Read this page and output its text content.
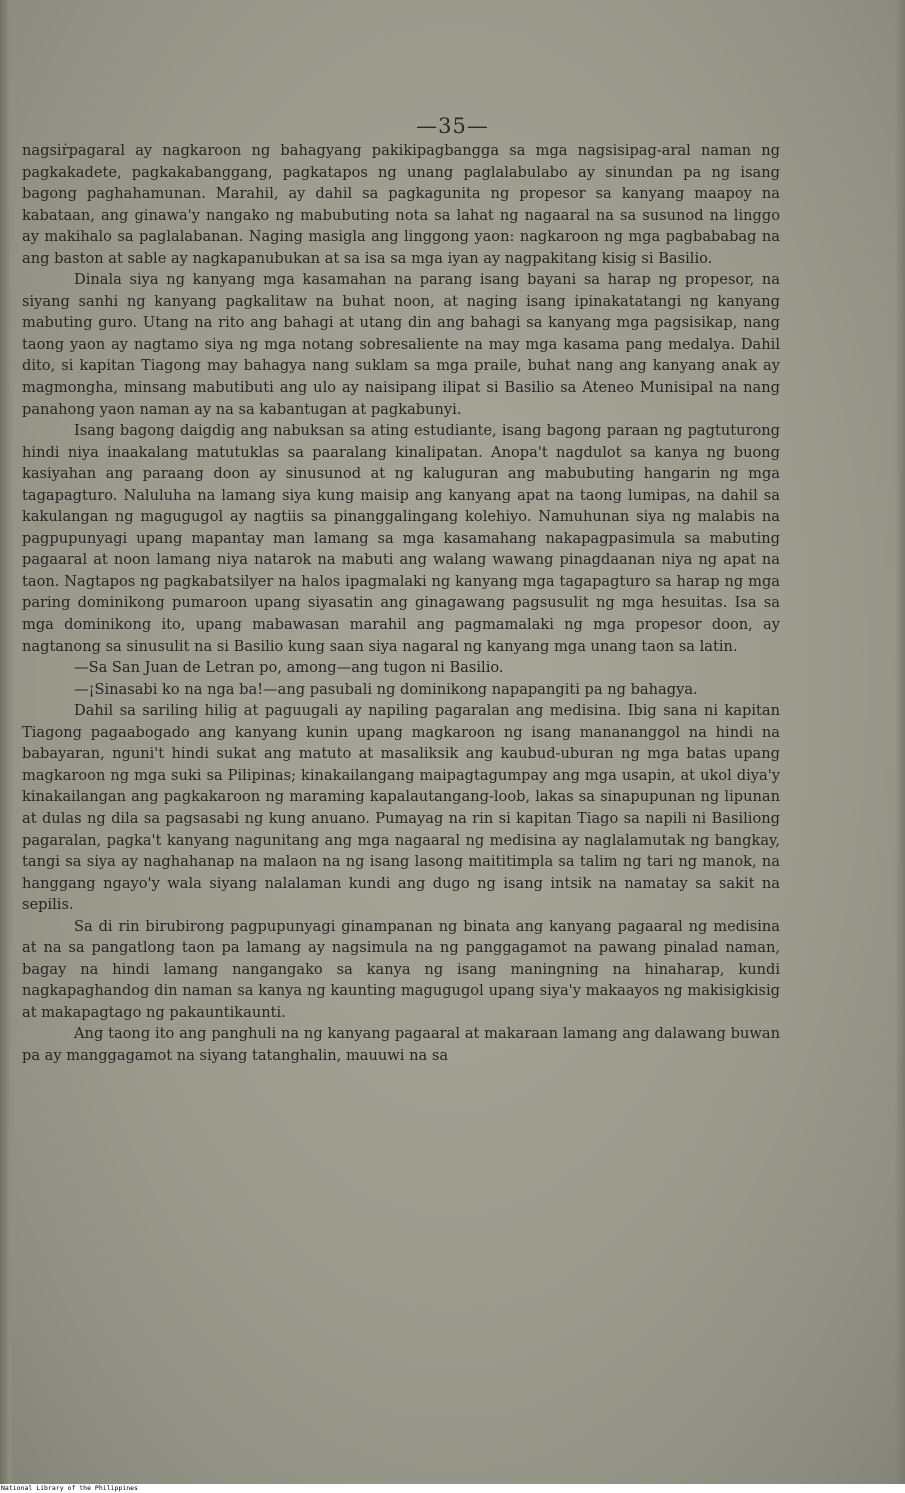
—35—

nagsiṙpagaral ay nagkaroon ng bahagyang pakikipagbangga sa mga nagsisipag-aral naman ng pagkakadete, pagkakabanggang, pagkatapos ng unang paglalabulabo ay sinundan pa ng isang bagong paghahamunan. Marahil, ay dahil sa pagkagunita ng propesor sa kanyang maapoy na kabataan, ang ginawa'y nangako ng mabubuting nota sa lahat ng nagaaral na sa susunod na linggo ay makihalo sa paglalabanan. Naging masigla ang linggong yaon: nagkaroon ng mga pagbababag na ang baston at sable ay nagkapanubukan at sa isa sa mga iyan ay nagpakitang kisig si Basilio.

Dinala siya ng kanyang mga kasamahan na parang isang bayani sa harap ng propesor, na siyang sanhi ng kanyang pagkalitaw na buhat noon, at naging isang ipinakatatangi ng kanyang mabuting guro. Utang na rito ang bahagi at utang din ang bahagi sa kanyang mga pagsisikap, nang taong yaon ay nagtamo siya ng mga notang sobresaliente na may mga kasama pang medalya. Dahil dito, si kapitan Tiagong may bahagya nang suklam sa mga praile, buhat nang ang kanyang anak ay magmongha, minsang mabutibuti ang ulo ay naisipang ilipat si Basilio sa Ateneo Munisipal na nang panahong yaon naman ay na sa kabantugan at pagkabunyi.

Isang bagong daigdig ang nabuksan sa ating estudiante, isang bagong paraan ng pagtuturong hindi niya inaakalang matutuklas sa paaralang kinalipatan. Anopa't nagdulot sa kanya ng buong kasiyahan ang paraang doon ay sinusunod at ng kaluguran ang mabubuting hangarin ng mga tagapagturo. Naluluha na lamang siya kung maisip ang kanyang apat na taong lumipas, na dahil sa kakulangan ng magugugol ay nagtiis sa pinanggalingang kolehiyo. Namuhunan siya ng malabis na pagpupunyagi upang mapantay man lamang sa mga kasamahang nakapagpasimula sa mabuting pagaaral at noon lamang niya natarok na mabuti ang walang wawang pinagdaanan niya ng apat na taon. Nagtapos ng pagkabatsilyer na halos ipagmalaki ng kanyang mga tagapagturo sa harap ng mga paring dominikong pumaroon upang siyasatin ang ginagawang pagsusulit ng mga hesuitas. Isa sa mga dominikong ito, upang mabawasan marahil ang pagmamalaki ng mga propesor doon, ay nagtanong sa sinusulit na si Basilio kung saan siya nagaral ng kanyang mga unang taon sa latin.

—Sa San Juan de Letran po, among—ang tugon ni Basilio.

—¡Sinasabi ko na nga ba!—ang pasubali ng dominikong napapangiti pa ng bahagya.

Dahil sa sariling hilig at paguugali ay napiling pagaralan ang medisina. Ibig sana ni kapitan Tiagong pagaabogado ang kanyang kunin upang magkaroon ng isang manananggol na hindi na babayaran, nguni't hindi sukat ang matuto at masaliksik ang kaubud-uburan ng mga batas upang magkaroon ng mga suki sa Pilipinas; kinakailangang maipagtagumpay ang mga usapin, at ukol diya'y kinakailangan ang pagkakaroon ng maraming kapalautangang-loob, lakas sa sinapupunan ng lipunan at dulas ng dila sa pagsasabi ng kung anuano. Pumayag na rin si kapitan Tiago sa napili ni Basiliong pagaralan, pagka't kanyang nagunitang ang mga nagaaral ng medisina ay naglalamutak ng bangkay, tangi sa siya ay naghahanap na malaon na ng isang lasong maititimpla sa talim ng tari ng manok, na hanggang ngayo'y wala siyang nalalaman kundi ang dugo ng isang intsik na namatay sa sakit na sepilis.

Sa di rin birubirong pagpupunyagi ginampanan ng binata ang kanyang pagaaral ng medisina at na sa pangatlong taon pa lamang ay nagsimula na ng panggagamot na pawang pinalad naman, bagay na hindi lamang nangangako sa kanya ng isang maningning na hinaharap, kundi nagkapaghandog din naman sa kanya ng kaunting magugugol upang siya'y makaayos ng makisigkisig at makapagtago ng pakauntikaunti.

Ang taong ito ang panghuli na ng kanyang pagaaral at makaraan lamang ang dalawang buwan pa ay manggagamot na siyang tatanghalin, mauuwi na sa

National Library of the Philippines
